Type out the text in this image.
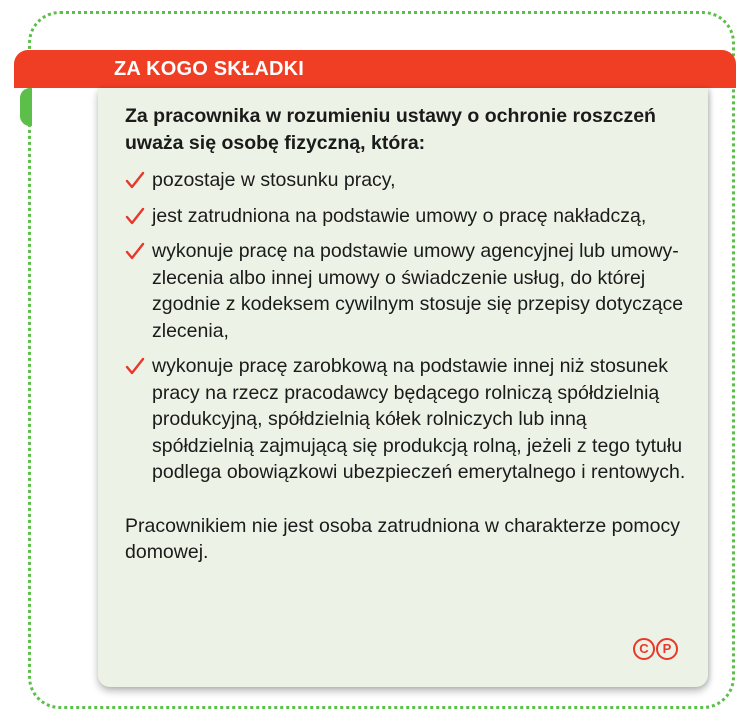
ZA KOGO SKŁADKI

Za pracownika w rozumieniu ustawy o ochronie roszczeń uważa się osobę fizyczną, która:

pozostaje w stosunku pracy,
jest zatrudniona na podstawie umowy o pracę nakładczą,
wykonuje pracę na podstawie umowy agencyjnej lub umowy-zlecenia albo innej umowy o świadczenie usług, do której zgodnie z kodeksem cywilnym stosuje się przepisy dotyczące zlecenia,
wykonuje pracę zarobkową na podstawie innej niż stosunek pracy na rzecz pracodawcy będącego rolniczą spółdzielnią produkcyjną, spółdzielnią kółek rolniczych lub inną spółdzielnią zajmującą się produkcją rolną, jeżeli z tego tytułu podlega obowiązkowi ubezpieczeń emerytalnego i rentowych.

Pracownikiem nie jest osoba zatrudniona w charakterze pomocy domowej.

C	P
